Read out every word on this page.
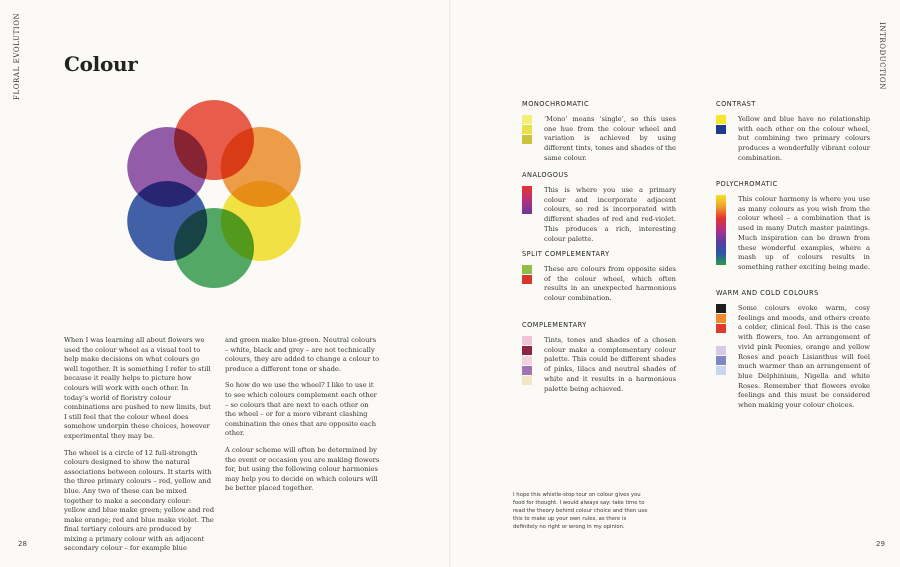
FLORAL EVOLUTION	INTRODUCTION
Colour

When I was learning all about flowers we used the colour wheel as a visual tool to help make decisions on what colours go well together. It is something I refer to still because it really helps to picture how colours will work with each other. In today’s world of floristry colour combinations are pushed to new limits, but I still feel that the colour wheel does somehow underpin these choices, however experimental they may be.

The wheel is a circle of 12 full-strength colours designed to show the natural associations between colours. It starts with the three primary colours – red, yellow and blue. Any two of these can be mixed together to make a secondary colour: yellow and blue make green; yellow and red make orange; red and blue make violet. The final tertiary colours are produced by mixing a primary colour with an adjacent secondary colour – for example blue

and green make blue-green. Neutral colours – white, black and grey – are not technically colours, they are added to change a colour to produce a different tone or shade.

So how do we use the wheel? I like to use it to see which colours complement each other – so colours that are next to each other on the wheel – or for a more vibrant clashing combination the ones that are opposite each other.

A colour scheme will often be determined by the event or occasion you are making flowers for, but using the following colour harmonies may help you to decide on which colours will be better placed together.

28	29
MONOCHROMATIC
‘Mono’ means ‘single’, so this uses one hue from the colour wheel and variation is achieved by using different tints, tones and shades of the same colour.
ANALOGOUS
This is where you use a primary colour and incorporate adjacent colours, so red is incorporated with different shades of red and red-violet. This produces a rich, interesting colour palette.
SPLIT COMPLEMENTARY
These are colours from opposite sides of the colour wheel, which often results in an unexpected harmonious colour combination.
COMPLEMENTARY
Tints, tones and shades of a chosen colour make a complementary colour palette. This could be different shades of pinks, lilacs and neutral shades of white and it results in a harmonious palette being achieved.
CONTRAST
Yellow and blue have no relationship with each other on the colour wheel, but combining two primary colours produces a wonderfully vibrant colour combination.
POLYCHROMATIC
This colour harmony is where you use as many colours as you wish from the colour wheel – a combination that is used in many Dutch master paintings. Much inspiration can be drawn from these wonderful examples, where a mash up of colours results in something rather exciting being made.
WARM AND COLD COLOURS
Some colours evoke warm, cosy feelings and moods, and others create a colder, clinical feel. This is the case with flowers, too. An arrangement of vivid pink Peonies, orange and yellow Roses and peach Lisianthus will feel much warmer than an arrangement of blue Delphinium, Nigella and white Roses. Remember that flowers evoke feelings and this must be considered when making your colour choices.
I hope this whistle-stop tour on colour gives you food for thought. I would always say: take time to read the theory behind colour choice and then use this to make up your own rules, as there is definitely no right or wrong in my opinion.
